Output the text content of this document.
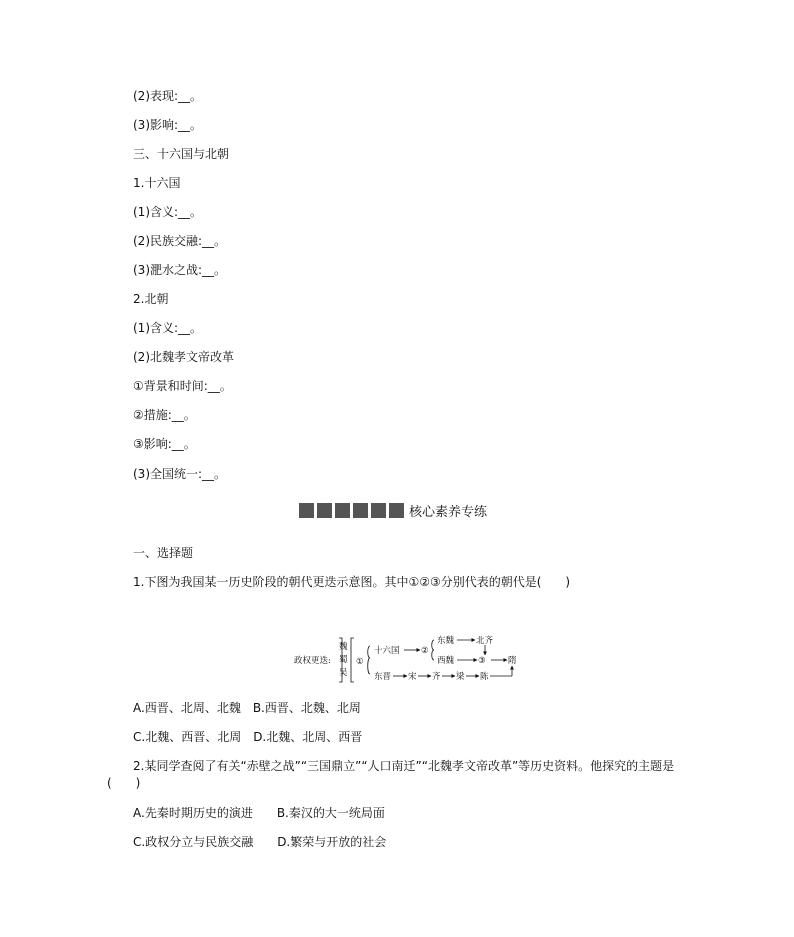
(2)表现:__。
(3)影响:__。
三、十六国与北朝
1.十六国
(1)含义:__。
(2)民族交融:__。
(3)淝水之战:__。
2.北朝
(1)含义:__。
(2)北魏孝文帝改革
①背景和时间:__。
②措施:__。
③影响:__。
(3)全国统一:__。
核心素养专练
一、选择题
1.下图为我国某一历史阶段的朝代更迭示意图。其中①②③分别代表的朝代是(　　)
政权更迭:
魏
蜀
吴
①
十六国	②
东魏	北齐
西魏	③	隋
东晋 宋 齐 梁 陈
A.西晋、北周、北魏　B.西晋、北魏、北周
C.北魏、西晋、北周　D.北魏、北周、西晋
2.某同学查阅了有关“赤壁之战”“三国鼎立”“人口南迁”“北魏孝文帝改革”等历史资料。他探究的主题是
(　　)
A.先秦时期历史的演进　　B.秦汉的大一统局面
C.政权分立与民族交融　　D.繁荣与开放的社会
